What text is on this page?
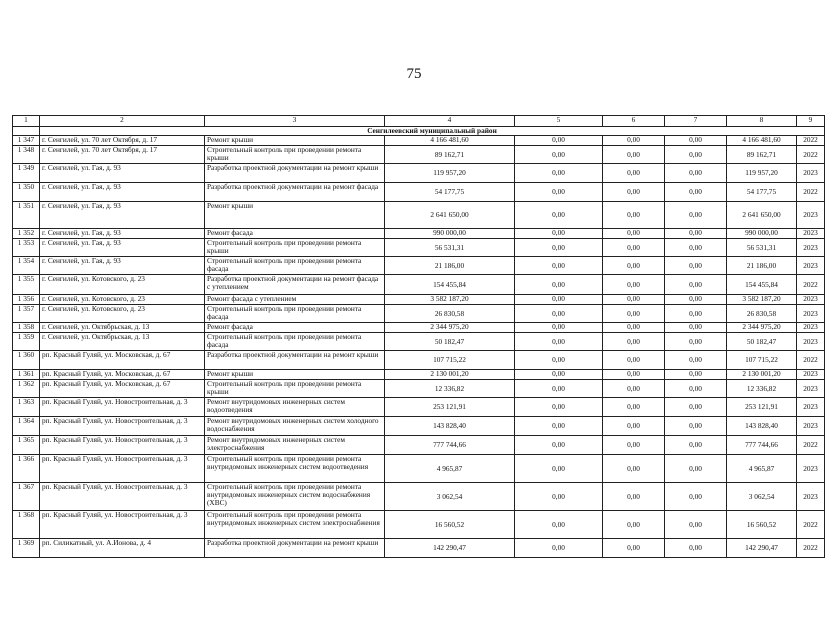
75
1	2	3	4	5	6	7	8	9
	Сенгилеевский муниципальный район							
1 347	г. Сенгилей, ул. 70 лет Октября, д. 17	Ремонт крыши	4 166 481,60	0,00	0,00	0,00	4 166 481,60	2022
1 348	г. Сенгилей, ул. 70 лет Октября, д. 17	Строительный контроль при проведении ремонта крыши	89 162,71	0,00	0,00	0,00	89 162,71	2022
1 349	г. Сенгилей, ул. Гая, д. 93	Разработка проектной документации на ремонт крыши	119 957,20	0,00	0,00	0,00	119 957,20	2023
1 350	г. Сенгилей, ул. Гая, д. 93	Разработка проектной документации на ремонт фасада	54 177,75	0,00	0,00	0,00	54 177,75	2022
1 351	г. Сенгилей, ул. Гая, д. 93	Ремонт крыши	2 641 650,00	0,00	0,00	0,00	2 641 650,00	2023
1 352	г. Сенгилей, ул. Гая, д. 93	Ремонт фасада	990 000,00	0,00	0,00	0,00	990 000,00	2023
1 353	г. Сенгилей, ул. Гая, д. 93	Строительный контроль при проведении ремонта крыши	56 531,31	0,00	0,00	0,00	56 531,31	2023
1 354	г. Сенгилей, ул. Гая, д. 93	Строительный контроль при проведении ремонта фасада	21 186,00	0,00	0,00	0,00	21 186,00	2023
1 355	г. Сенгилей, ул. Котовского, д. 23	Разработка проектной документации на ремонт фасада с утеплением	154 455,84	0,00	0,00	0,00	154 455,84	2022
1 356	г. Сенгилей, ул. Котовского, д. 23	Ремонт фасада с утеплением	3 582 187,20	0,00	0,00	0,00	3 582 187,20	2023
1 357	г. Сенгилей, ул. Котовского, д. 23	Строительный контроль при проведении ремонта фасада	26 830,58	0,00	0,00	0,00	26 830,58	2023
1 358	г. Сенгилей, ул. Октябрьская, д. 13	Ремонт фасада	2 344 975,20	0,00	0,00	0,00	2 344 975,20	2023
1 359	г. Сенгилей, ул. Октябрьская, д. 13	Строительный контроль при проведении ремонта фасада	50 182,47	0,00	0,00	0,00	50 182,47	2023
1 360	рп. Красный Гуляй, ул. Московская, д. 67	Разработка проектной документации на ремонт крыши	107 715,22	0,00	0,00	0,00	107 715,22	2022
1 361	рп. Красный Гуляй, ул. Московская, д. 67	Ремонт крыши	2 130 001,20	0,00	0,00	0,00	2 130 001,20	2023
1 362	рп. Красный Гуляй, ул. Московская, д. 67	Строительный контроль при проведении ремонта крыши	12 336,82	0,00	0,00	0,00	12 336,82	2023
1 363	рп. Красный Гуляй, ул. Новостроительная, д. 3	Ремонт внутридомовых инженерных систем водоотведения	253 121,91	0,00	0,00	0,00	253 121,91	2023
1 364	рп. Красный Гуляй, ул. Новостроительная, д. 3	Ремонт внутридомовых инженерных систем холодного водоснабжения	143 828,40	0,00	0,00	0,00	143 828,40	2023
1 365	рп. Красный Гуляй, ул. Новостроительная, д. 3	Ремонт внутридомовых инженерных систем электроснабжения	777 744,66	0,00	0,00	0,00	777 744,66	2022
1 366	рп. Красный Гуляй, ул. Новостроительная, д. 3	Строительный контроль при проведении ремонта внутридомовых инженерных систем водоотведения	4 965,87	0,00	0,00	0,00	4 965,87	2023
1 367	рп. Красный Гуляй, ул. Новостроительная, д. 3	Строительный контроль при проведении ремонта внутридомовых инженерных систем водоснабжения (ХВС)	3 062,54	0,00	0,00	0,00	3 062,54	2023
1 368	рп. Красный Гуляй, ул. Новостроительная, д. 3	Строительный контроль при проведении ремонта внутридомовых инженерных систем электроснабжения	16 560,52	0,00	0,00	0,00	16 560,52	2022
1 369	рп. Силикатный, ул. А.Ионова, д. 4	Разработка проектной документации на ремонт крыши	142 290,47	0,00	0,00	0,00	142 290,47	2022
